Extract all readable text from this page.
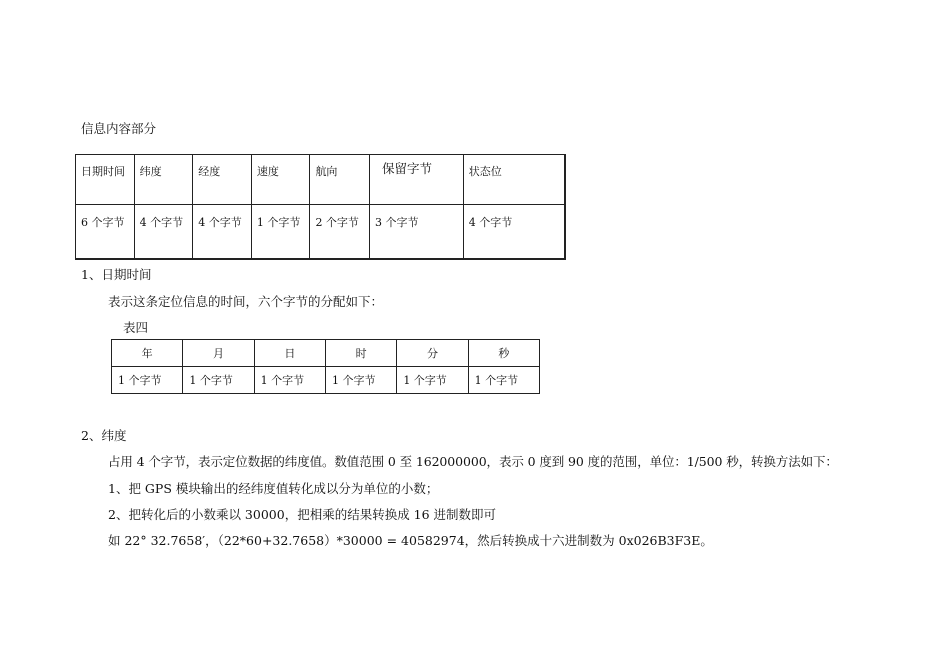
信息内容部分
日期时间	纬度	经度	速度	航向	保留字节	状态位
6 个字节	4 个字节	4 个字节	1 个字节	2 个字节	3 个字节	4 个字节
1、日期时间
表示这条定位信息的时间，六个字节的分配如下：
表四
年	月	日	时	分	秒
1 个字节	1 个字节	1 个字节	1 个字节	1 个字节	1 个字节
2、纬度
占用 4 个字节，表示定位数据的纬度值。数值范围 0 至 162000000，表示 0 度到 90 度的范围，单位：1/500 秒，转换方法如下：
1、把 GPS 模块输出的经纬度值转化成以分为单位的小数；
2、把转化后的小数乘以 30000，把相乘的结果转换成 16 进制数即可
如 22° 32.7658′，（22*60+32.7658）*30000 = 40582974，然后转换成十六进制数为 0x026B3F3E。
